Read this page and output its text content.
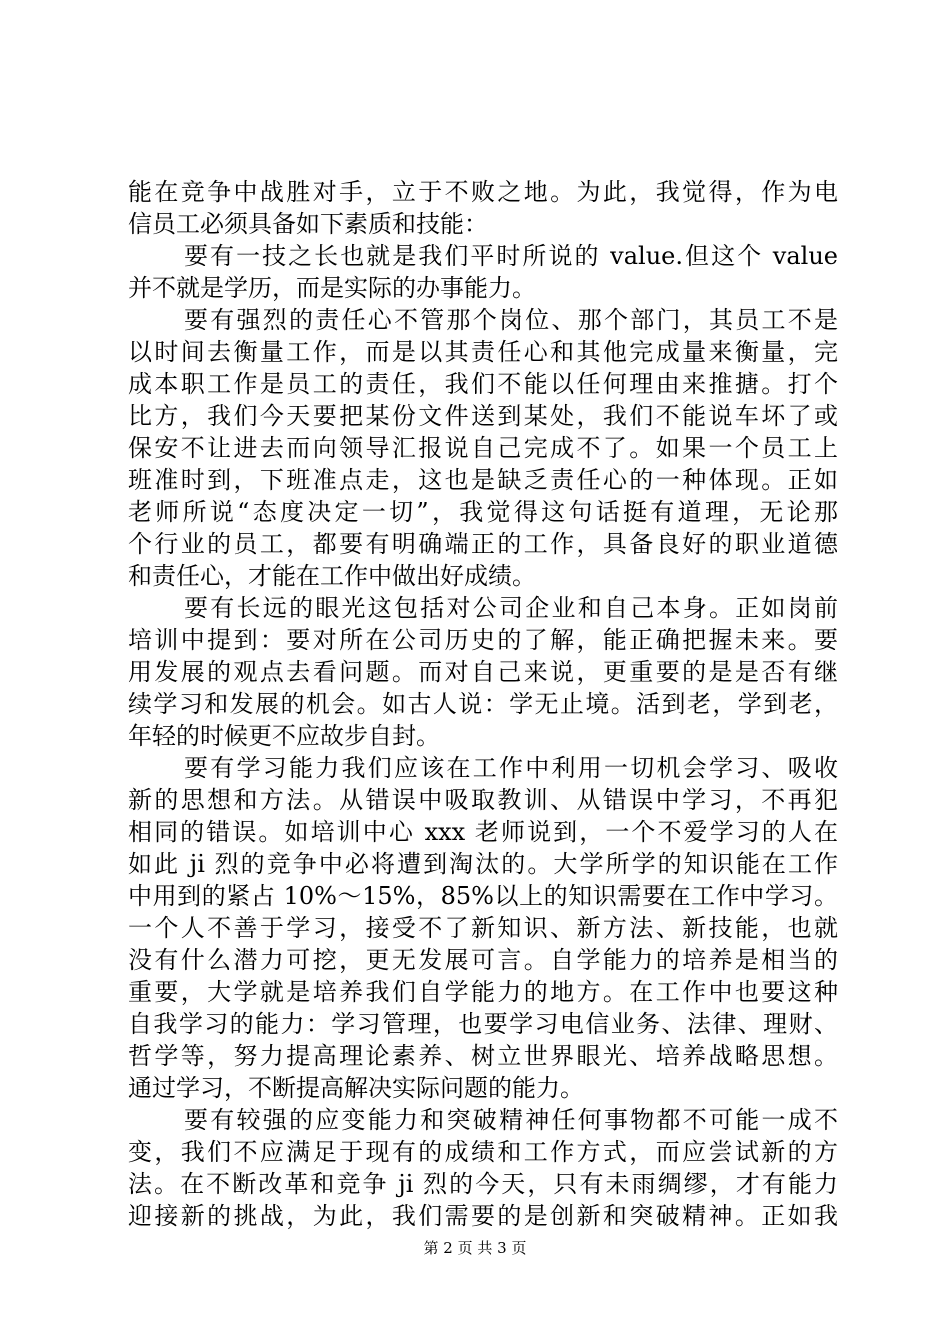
能在竞争中战胜对手，立于不败之地。为此，我觉得，作为电
信员工必须具备如下素质和技能：
要有一技之长也就是我们平时所说的 value.但这个 value
并不就是学历，而是实际的办事能力。
要有强烈的责任心不管那个岗位、那个部门，其员工不是
以时间去衡量工作，而是以其责任心和其他完成量来衡量，完
成本职工作是员工的责任，我们不能以任何理由来推搪。打个
比方，我们今天要把某份文件送到某处，我们不能说车坏了或
保安不让进去而向领导汇报说自己完成不了。如果一个员工上
班准时到，下班准点走，这也是缺乏责任心的一种体现。正如
老师所说“态度决定一切”，我觉得这句话挺有道理，无论那
个行业的员工，都要有明确端正的工作，具备良好的职业道德
和责任心，才能在工作中做出好成绩。
要有长远的眼光这包括对公司企业和自己本身。正如岗前
培训中提到：要对所在公司历史的了解，能正确把握未来。要
用发展的观点去看问题。而对自己来说，更重要的是是否有继
续学习和发展的机会。如古人说：学无止境。活到老，学到老，
年轻的时候更不应故步自封。
要有学习能力我们应该在工作中利用一切机会学习、吸收
新的思想和方法。从错误中吸取教训、从错误中学习，不再犯
相同的错误。如培训中心 xxx 老师说到，一个不爱学习的人在
如此 ji 烈的竞争中必将遭到淘汰的。大学所学的知识能在工作
中用到的紧占 10%～15%，85%以上的知识需要在工作中学习。
一个人不善于学习，接受不了新知识、新方法、新技能，也就
没有什么潜力可挖，更无发展可言。自学能力的培养是相当的
重要，大学就是培养我们自学能力的地方。在工作中也要这种
自我学习的能力：学习管理，也要学习电信业务、法律、理财、
哲学等，努力提高理论素养、树立世界眼光、培养战略思想。
通过学习，不断提高解决实际问题的能力。
要有较强的应变能力和突破精神任何事物都不可能一成不
变，我们不应满足于现有的成绩和工作方式，而应尝试新的方
法。在不断改革和竞争 ji 烈的今天，只有未雨绸缪，才有能力
迎接新的挑战，为此，我们需要的是创新和突破精神。正如我
第 2 页 共 3 页
